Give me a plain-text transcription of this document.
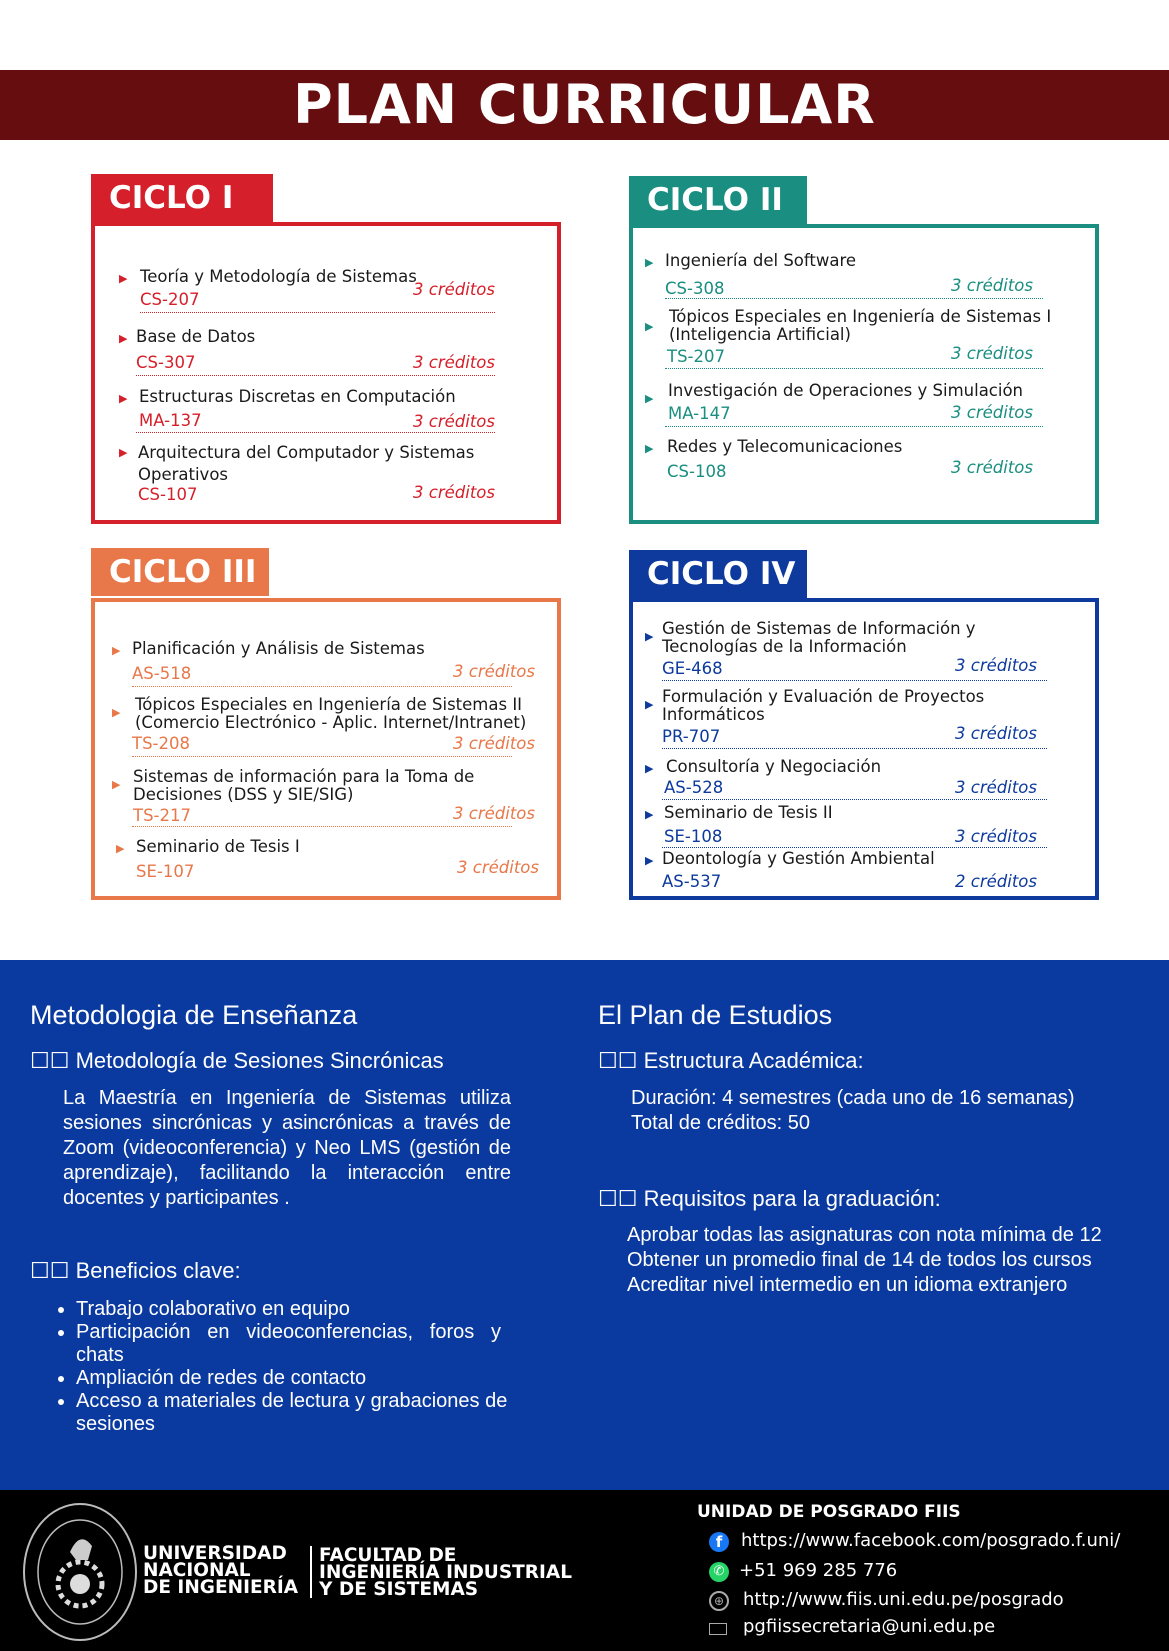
PLAN CURRICULAR
CICLO I
▶ Teoría y Metodología de Sistemas
CS-207
3 créditos
▶ Base de Datos
CS-307	3 créditos
▶ Estructuras Discretas en Computación
MA-137	3 créditos
▶ Arquitectura del Computador y Sistemas Operativos
CS-107	3 créditos
CICLO II
▶ Ingeniería del Software
CS-308	3 créditos
▶
Tópicos Especiales en Ingeniería de Sistemas I (Inteligencia Artificial)
TS-207	3 créditos
▶ Investigación de Operaciones y Simulación
MA-147	3 créditos
▶ Redes y Telecomunicaciones
CS-108	3 créditos
CICLO III
▶ Planificación y Análisis de Sistemas
AS-518	3 créditos
▶ Tópicos Especiales en Ingeniería de Sistemas II (Comercio Electrónico - Aplic. Internet/Intranet)
TS-208	3 créditos
▶ Sistemas de información para la Toma de Decisiones (DSS y SIE/SIG)
TS-217	3 créditos
▶ Seminario de Tesis I
SE-107	3 créditos
CICLO IV
▶ Gestión de Sistemas de Información y Tecnologías de la Información
GE-468	3 créditos
▶ Formulación y Evaluación de Proyectos Informáticos
PR-707	3 créditos
▶ Consultoría y Negociación
AS-528	3 créditos
▶ Seminario de Tesis II
SE-108	3 créditos
▶ Deontología y Gestión Ambiental
AS-537	2 créditos
Metodologia de Enseñanza
☐☐ Metodología de Sesiones Sincrónicas
La Maestría en Ingeniería de Sistemas utiliza sesiones sincrónicas y asincrónicas a través de Zoom (videoconferencia) y Neo LMS (gestión de aprendizaje), facilitando la interacción entre docentes y participantes .
☐☐ Beneficios clave:
• Trabajo colaborativo en equipo
• Participación en videoconferencias, foros y chats
• Ampliación de redes de contacto
• Acceso a materiales de lectura y grabaciones de sesiones
El Plan de Estudios
☐☐ Estructura Académica:
Duración: 4 semestres (cada uno de 16 semanas)
Total de créditos: 50
☐☐ Requisitos para la graduación:
Aprobar todas las asignaturas con nota mínima de 12
Obtener un promedio final de 14 de todos los cursos
Acreditar nivel intermedio en un idioma extranjero
UNIVERSIDAD
NACIONAL
DE INGENIERÍA
FACULTAD DE
INGENIERÍA INDUSTRIAL
Y DE SISTEMAS
UNIDAD DE POSGRADO FIIS
f	https://www.facebook.com/posgrado.f.uni/
✆ +51 969 285 776
⊕ http://www.fiis.uni.edu.pe/posgrado
pgfiissecretaria@uni.edu.pe
